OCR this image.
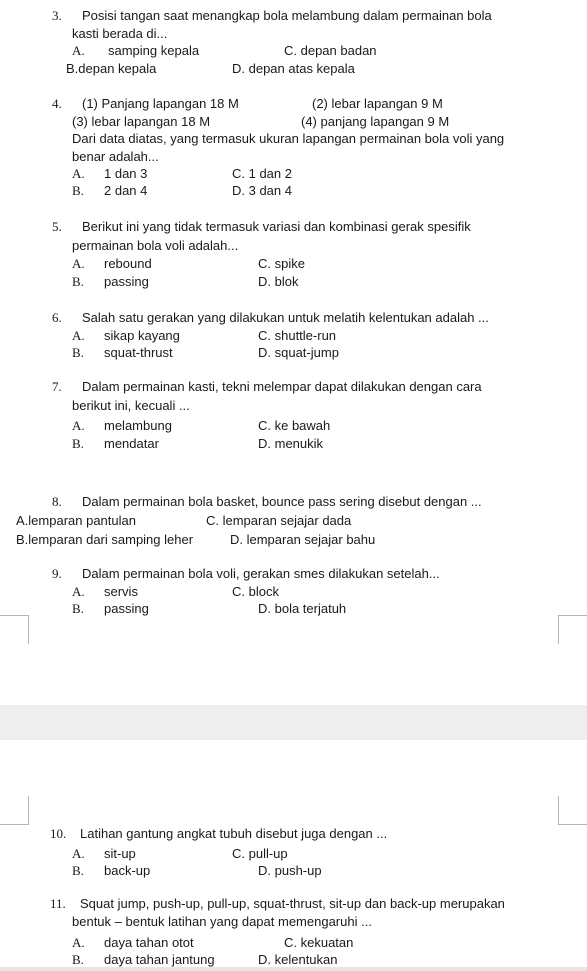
3. Posisi tangan saat menangkap bola melambung dalam permainan bola
kasti berada di...
A. samping kepala	C. depan badan
B.depan kepala	D. depan atas kepala
4. (1) Panjang lapangan 18 M	(2) lebar lapangan 9 M
(3) lebar lapangan 18 M	(4) panjang lapangan 9 M
Dari data diatas, yang termasuk ukuran lapangan permainan bola voli yang
benar adalah...
A. 1 dan 3	C. 1 dan 2
B. 2 dan 4	D. 3 dan 4
5. Berikut ini yang tidak termasuk variasi dan kombinasi gerak spesifik
permainan bola voli adalah...
A. rebound	C. spike
B. passing	D. blok
6. Salah satu gerakan yang dilakukan untuk melatih kelentukan adalah ...
A. sikap kayang	C. shuttle-run
B. squat-thrust	D. squat-jump
7. Dalam permainan kasti, tekni melempar dapat dilakukan dengan cara
berikut ini, kecuali ...
A. melambung	C. ke bawah
B. mendatar	D. menukik
8. Dalam permainan bola basket, bounce pass sering disebut dengan ...
A.lemparan pantulan	C. lemparan sejajar dada
B.lemparan dari samping leher	D. lemparan sejajar bahu
9. Dalam permainan bola voli, gerakan smes dilakukan setelah...
A. servis	C. block
B. passing	D. bola terjatuh
10. Latihan gantung angkat tubuh disebut juga dengan ...
A. sit-up	C. pull-up
B. back-up	D. push-up
11. Squat jump, push-up, pull-up, squat-thrust, sit-up dan back-up merupakan
bentuk – bentuk latihan yang dapat memengaruhi ...
A. daya tahan otot	C. kekuatan
B. daya tahan jantung	D. kelentukan
